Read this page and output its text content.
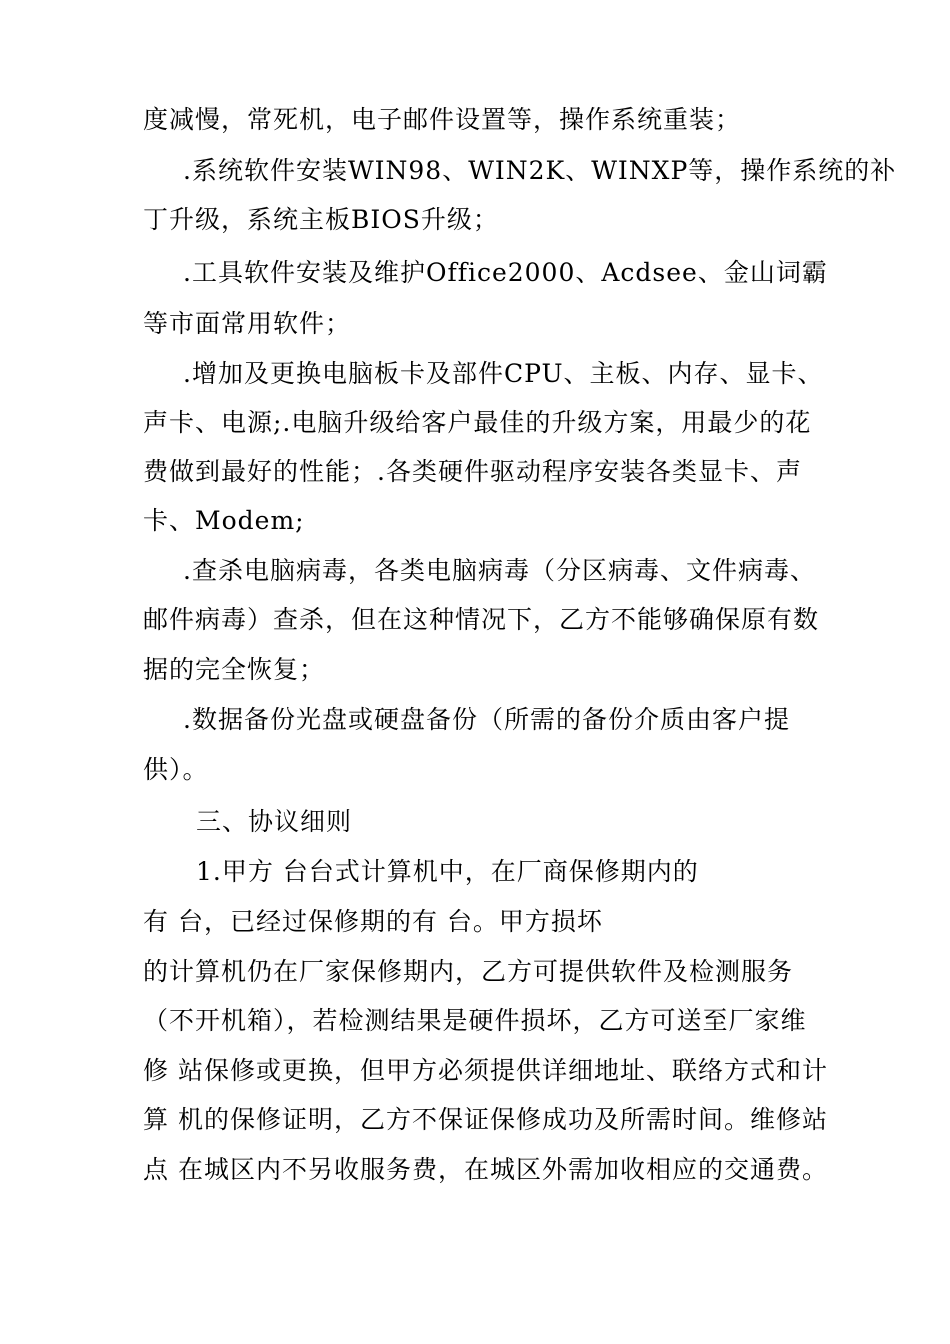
度减慢，常死机，电子邮件设置等，操作系统重装；
.系统软件安装WIN98、WIN2K、WINXP等，操作系统的补
丁升级，系统主板BIOS升级；
.工具软件安装及维护Office2000、Acdsee、金山词霸
等市面常用软件；
.增加及更换电脑板卡及部件CPU、主板、内存、显卡、
声卡、电源;.电脑升级给客户最佳的升级方案，用最少的花
费做到最好的性能；.各类硬件驱动程序安装各类显卡、声
卡、Modem;
.查杀电脑病毒，各类电脑病毒（分区病毒、文件病毒、
邮件病毒）查杀，但在这种情况下，乙方不能够确保原有数
据的完全恢复；
.数据备份光盘或硬盘备份（所需的备份介质由客户提
供）。
三、协议细则
1.甲方 台台式计算机中，在厂商保修期内的
有 台，已经过保修期的有 台。甲方损坏
的计算机仍在厂家保修期内，乙方可提供软件及检测服务
（不开机箱），若检测结果是硬件损坏，乙方可送至厂家维
修 站保修或更换，但甲方必须提供详细地址、联络方式和计
算 机的保修证明，乙方不保证保修成功及所需时间。维修站
点 在城区内不另收服务费，在城区外需加收相应的交通费。
